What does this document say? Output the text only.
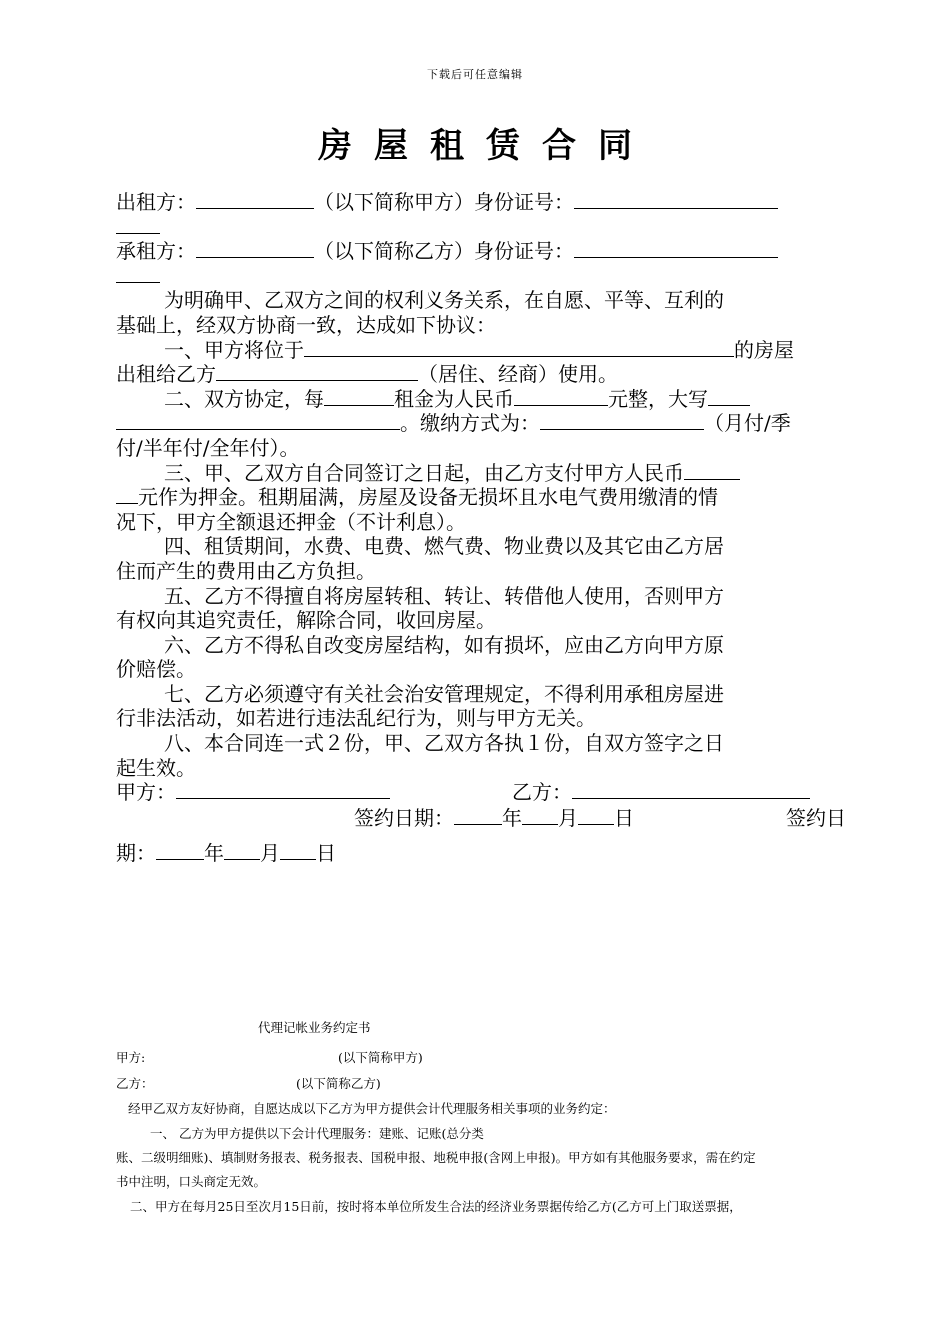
下载后可任意编辑
房屋租赁合同

出租方：	（以下简称甲方）身份证号：

承租方：	（以下简称乙方）身份证号：

为明确甲、乙双方之间的权利义务关系，在自愿、平等、互利的

基础上，经双方协商一致，达成如下协议：

一、甲方将位于	的房屋

出租给乙方	（居住、经商）使用。

二、双方协定，每	租金为人民币	元整，大写

。缴纳方式为：	（月付/季

付/半年付/全年付）。

三、甲、乙双方自合同签订之日起，由乙方支付甲方人民币

元作为押金。租期届满，房屋及设备无损坏且水电气费用缴清的情

况下，甲方全额退还押金（不计利息）。

四、租赁期间，水费、电费、燃气费、物业费以及其它由乙方居

住而产生的费用由乙方负担。

五、乙方不得擅自将房屋转租、转让、转借他人使用，否则甲方

有权向其追究责任，解除合同，收回房屋。

六、乙方不得私自改变房屋结构，如有损坏，应由乙方向甲方原

价赔偿。

七、乙方必须遵守有关社会治安管理规定，不得利用承租房屋进

行非法活动，如若进行违法乱纪行为，则与甲方无关。

八、本合同连一式２份，甲、乙双方各执１份，自双方签字之日

起生效。

甲方：	乙方：

签约日期： 年 月 日	签约日

期： 年 月 日

代理记帐业务约定书
甲方:	(以下简称甲方)
乙方：	(以下简称乙方)
经甲乙双方友好协商，自愿达成以下乙方为甲方提供会计代理服务相关事项的业务约定：
一、 乙方为甲方提供以下会计代理服务：建账、记账(总分类
账、二级明细账)、填制财务报表、税务报表、国税申报、地税申报(含网上申报)。甲方如有其他服务要求，需在约定
书中注明，口头商定无效。
二、甲方在每月25日至次月15日前，按时将本单位所发生合法的经济业务票据传给乙方(乙方可上门取送票据，
